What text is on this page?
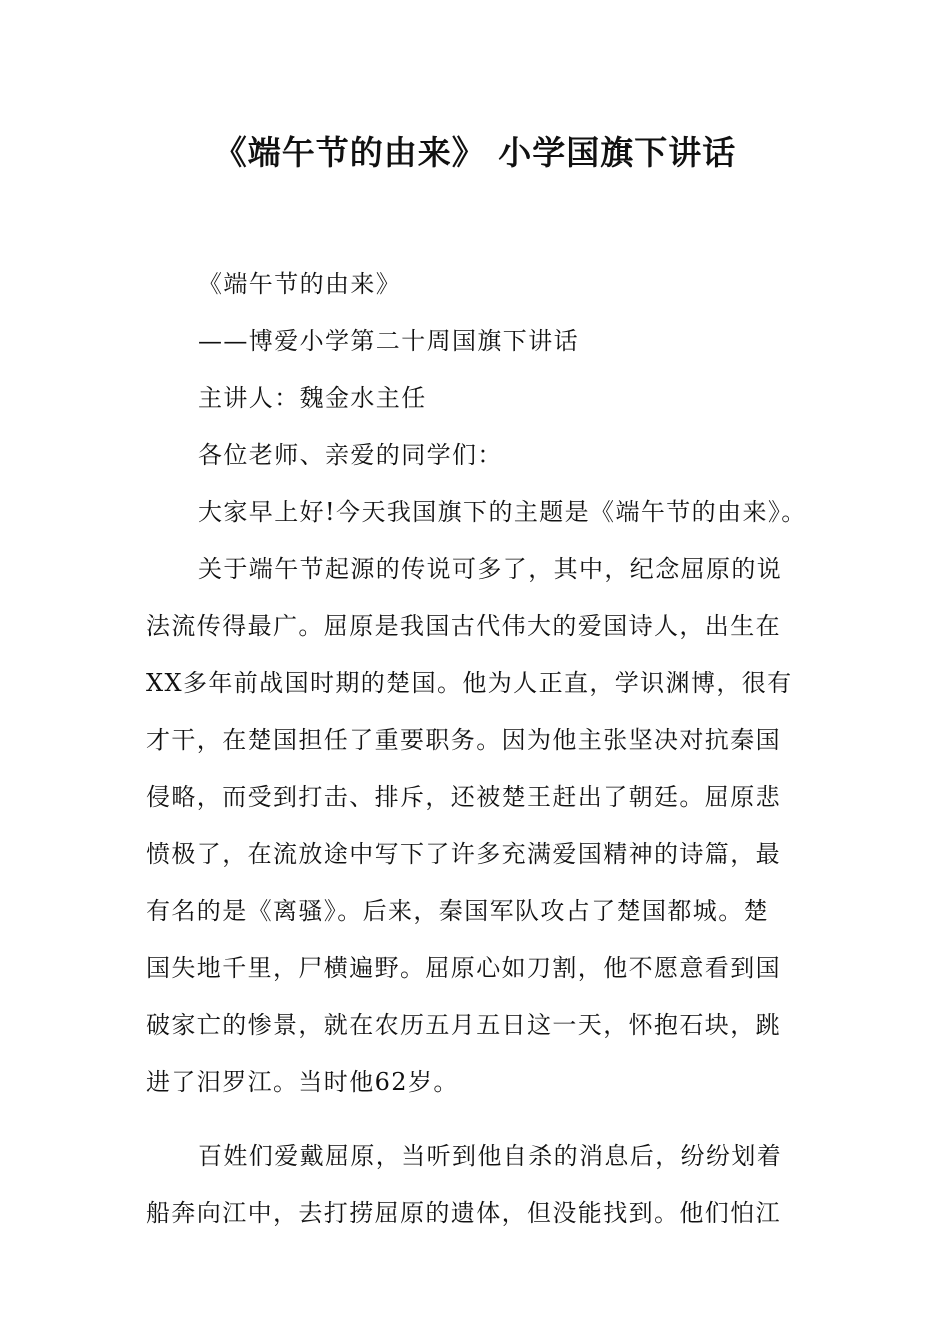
《端午节的由来》 小学国旗下讲话
《端午节的由来》
——博爱小学第二十周国旗下讲话
主讲人：魏金水主任
各位老师、亲爱的同学们：
大家早上好!今天我国旗下的主题是《端午节的由来》。
关于端午节起源的传说可多了，其中，纪念屈原的说
法流传得最广。屈原是我国古代伟大的爱国诗人，出生在
XX多年前战国时期的楚国。他为人正直，学识渊博，很有
才干，在楚国担任了重要职务。因为他主张坚决对抗秦国
侵略，而受到打击、排斥，还被楚王赶出了朝廷。屈原悲
愤极了，在流放途中写下了许多充满爱国精神的诗篇，最
有名的是《离骚》。后来，秦国军队攻占了楚国都城。楚
国失地千里，尸横遍野。屈原心如刀割，他不愿意看到国
破家亡的惨景，就在农历五月五日这一天，怀抱石块，跳
进了汨罗江。当时他62岁。
百姓们爱戴屈原，当听到他自杀的消息后，纷纷划着
船奔向江中，去打捞屈原的遗体，但没能找到。他们怕江
